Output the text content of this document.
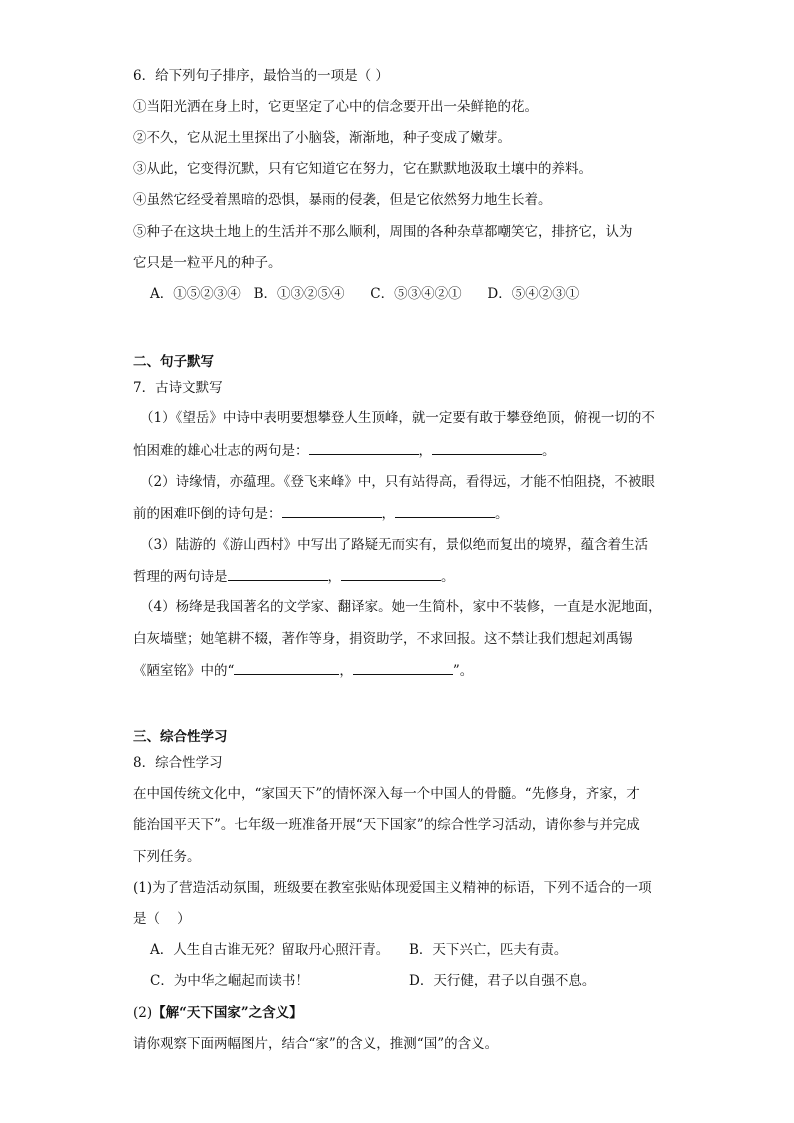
6．给下列句子排序，最恰当的一项是（ ）
①当阳光洒在身上时，它更坚定了心中的信念要开出一朵鲜艳的花。
②不久，它从泥土里探出了小脑袋，渐渐地，种子变成了嫩芽。
③从此，它变得沉默，只有它知道它在努力，它在默默地汲取土壤中的养料。
④虽然它经受着黑暗的恐惧，暴雨的侵袭，但是它依然努力地生长着。
⑤种子在这块土地上的生活并不那么顺利，周围的各种杂草都嘲笑它，排挤它，认为
它只是一粒平凡的种子。
A．①⑤②③④   B．①③②⑤④      C．⑤③④②①      D．⑤④②③①
二、句子默写
7．古诗文默写
（1）《望岳》中诗中表明要想攀登人生顶峰，就一定要有敢于攀登绝顶，俯视一切的不
怕困难的雄心壮志的两句是：	，	。
（2）诗缘情，亦蕴理。《登飞来峰》中，只有站得高，看得远，才能不怕阻挠，不被眼
前的困难吓倒的诗句是：	，	。
（3）陆游的《游山西村》中写出了路疑无而实有，景似绝而复出的境界，蕴含着生活
哲理的两句诗是	，	。
（4）杨绛是我国著名的文学家、翻译家。她一生简朴，家中不装修，一直是水泥地面，
白灰墙壁；她笔耕不辍，著作等身，捐资助学，不求回报。这不禁让我们想起刘禹锡
《陋室铭》中的“	，	”。
三、综合性学习
8．综合性学习
在中国传统文化中，“家国天下”的情怀深入每一个中国人的骨髓。“先修身，齐家，才
能治国平天下”。七年级一班准备开展“天下国家”的综合性学习活动，请你参与并完成
下列任务。
(1)为了营造活动氛围，班级要在教室张贴体现爱国主义精神的标语，下列不适合的一项
是（    ）
A．人生自古谁无死？留取丹心照汗青。 B．天下兴亡，匹夫有责。
C．为中华之崛起而读书！	D．天行健，君子以自强不息。
(2)【解“天下国家”之含义】
请你观察下面两幅图片，结合“家”的含义，推测“国”的含义。
